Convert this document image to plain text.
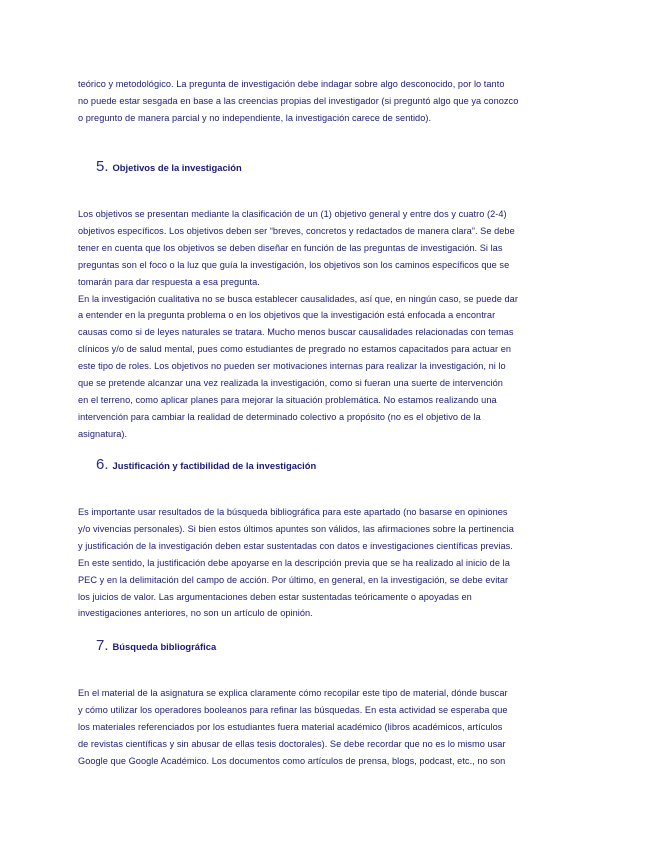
teórico y metodológico. La pregunta de investigación debe indagar sobre algo desconocido, por lo tanto
no puede estar sesgada en base a las creencias propias del investigador (si preguntó algo que ya conozco
o pregunto de manera parcial y no independiente, la investigación carece de sentido).
5. Objetivos de la investigación
Los objetivos se presentan mediante la clasificación de un (1) objetivo general y entre dos y cuatro (2-4)
objetivos específicos. Los objetivos deben ser “breves, concretos y redactados de manera clara”. Se debe
tener en cuenta que los objetivos se deben diseñar en función de las preguntas de investigación. Si las
preguntas son el foco o la luz que guía la investigación, los objetivos son los caminos específicos que se
tomarán para dar respuesta a esa pregunta.
En la investigación cualitativa no se busca establecer causalidades, así que, en ningún caso, se puede dar
a entender en la pregunta problema o en los objetivos que la investigación está enfocada a encontrar
causas como si de leyes naturales se tratara. Mucho menos buscar causalidades relacionadas con temas
clínicos y/o de salud mental, pues como estudiantes de pregrado no estamos capacitados para actuar en
este tipo de roles. Los objetivos no pueden ser motivaciones internas para realizar la investigación, ni lo
que se pretende alcanzar una vez realizada la investigación, como si fueran una suerte de intervención
en el terreno, como aplicar planes para mejorar la situación problemática. No estamos realizando una
intervención para cambiar la realidad de determinado colectivo a propósito (no es el objetivo de la
asignatura).
6. Justificación y factibilidad de la investigación
Es importante usar resultados de la búsqueda bibliográfica para este apartado (no basarse en opiniones
y/o vivencias personales). Si bien estos últimos apuntes son válidos, las afirmaciones sobre la pertinencia
y justificación de la investigación deben estar sustentadas con datos e investigaciones científicas previas.
En este sentido, la justificación debe apoyarse en la descripción previa que se ha realizado al inicio de la
PEC y en la delimitación del campo de acción. Por último, en general, en la investigación, se debe evitar
los juicios de valor. Las argumentaciones deben estar sustentadas teóricamente o apoyadas en
investigaciones anteriores, no son un artículo de opinión.
7. Búsqueda bibliográfica
En el material de la asignatura se explica claramente cómo recopilar este tipo de material, dónde buscar
y cómo utilizar los operadores booleanos para refinar las búsquedas. En esta actividad se esperaba que
los materiales referenciados por los estudiantes fuera material académico (libros académicos, artículos
de revistas científicas y sin abusar de ellas tesis doctorales). Se debe recordar que no es lo mismo usar
Google que Google Académico. Los documentos como artículos de prensa, blogs, podcast, etc., no son
